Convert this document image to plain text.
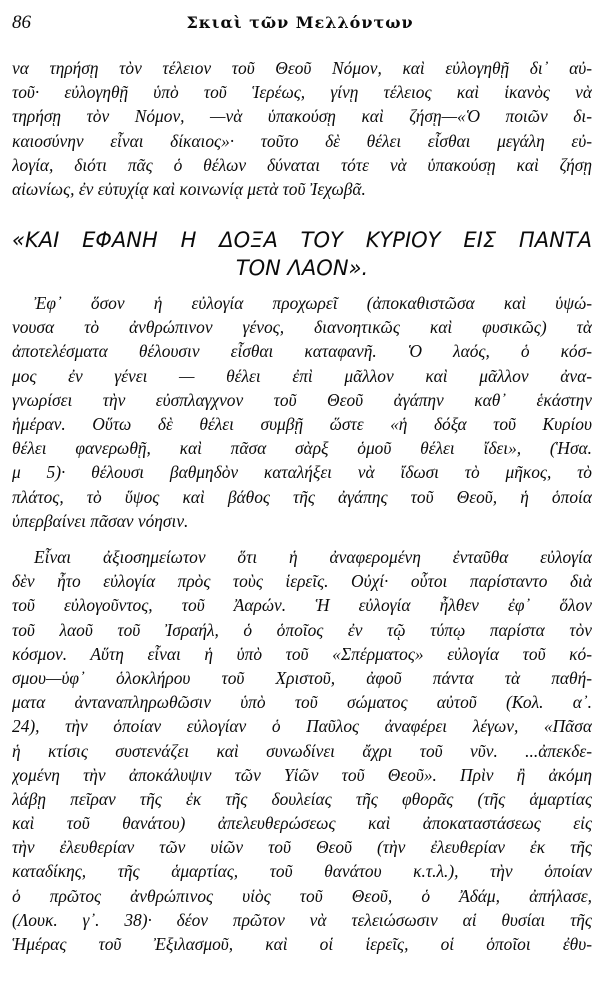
86	Σκιαὶ τῶν Μελλόντων
να τηρήσῃ τὸν τέλειον τοῦ Θεοῦ Νόμον, καὶ εὐλογηθῇ δι᾽ αὐ-
τοῦ· εὐλογηθῇ ὑπὸ τοῦ Ἱερέως, γίνῃ τέλειος καὶ ἱκανὸς νὰ
τηρήσῃ τὸν Νόμον, —νὰ ὑπακούσῃ καὶ ζήσῃ—«Ὁ ποιῶν δι-
καιοσύνην εἶναι δίκαιος»· τοῦτο δὲ θέλει εἶσθαι μεγάλη εὐ-
λογία, διότι πᾶς ὁ θέλων δύναται τότε νὰ ὑπακούσῃ καὶ ζήσῃ
αἰωνίως, ἐν εὐτυχίᾳ καὶ κοινωνίᾳ μετὰ τοῦ Ἰεχωβᾶ.
«ΚΑΙ ΕΦΑΝΗ Η ΔΟΞΑ ΤΟΥ ΚΥΡΙΟΥ ΕΙΣ ΠΑΝΤΑ
ΤΟΝ ΛΑΟΝ».
Ἐφ᾽ ὅσον ἡ εὐλογία προχωρεῖ (ἀποκαθιστῶσα καὶ ὑψώ-
νουσα τὸ ἀνθρώπινον γένος, διανοητικῶς καὶ φυσικῶς) τὰ
ἀποτελέσματα θέλουσιν εἶσθαι καταφανῆ. Ὁ λαός, ὁ κόσ-
μος ἐν γένει — θέλει ἐπὶ μᾶλλον καὶ μᾶλλον ἀνα-
γνωρίσει τὴν εὐσπλαγχνον τοῦ Θεοῦ ἀγάπην καθ᾽ ἑκάστην
ἡμέραν. Οὕτω δὲ θέλει συμβῇ ὥστε «ἡ δόξα τοῦ Κυρίου
θέλει φανερωθῇ, καὶ πᾶσα σὰρξ ὁμοῦ θέλει ἴδει», (Ἡσα.
μ 5)· θέλουσι βαθμηδὸν καταλήξει νὰ ἴδωσι τὸ μῆκος, τὸ
πλάτος, τὸ ὕψος καὶ βάθος τῆς ἀγάπης τοῦ Θεοῦ, ἡ ὁποία
ὑπερβαίνει πᾶσαν νόησιν.
Εἶναι ἀξιοσημείωτον ὅτι ἡ ἀναφερομένη ἐνταῦθα εὐλογία
δὲν ἦτο εὐλογία πρὸς τοὺς ἱερεῖς. Οὐχί· οὗτοι παρίσταντο διὰ
τοῦ εὐλογοῦντος, τοῦ Ἀαρών. Ἡ εὐλογία ἦλθεν ἐφ᾽ ὅλον
τοῦ λαοῦ τοῦ Ἰσραήλ, ὁ ὁποῖος ἐν τῷ τύπῳ παρίστα τὸν
κόσμον. Αὕτη εἶναι ἡ ὑπὸ τοῦ «Σπέρματος» εὐλογία τοῦ κό-
σμου—ὑφ᾽ ὁλοκλήρου τοῦ Χριστοῦ, ἀφοῦ πάντα τὰ παθή-
ματα ἀνταναπληρωθῶσιν ὑπὸ τοῦ σώματος αὐτοῦ (Κολ. α᾽.
24), τὴν ὁποίαν εὐλογίαν ὁ Παῦλος ἀναφέρει λέγων, «Πᾶσα
ἡ κτίσις συστενάζει καὶ συνωδίνει ἄχρι τοῦ νῦν. ...ἀπεκδε-
χομένη τὴν ἀποκάλυψιν τῶν Υἱῶν τοῦ Θεοῦ». Πρὶν ἢ ἀκόμη
λάβῃ πεῖραν τῆς ἐκ τῆς δουλείας τῆς φθορᾶς (τῆς ἁμαρτίας
καὶ τοῦ θανάτου) ἀπελευθερώσεως καὶ ἀποκαταστάσεως εἰς
τὴν ἐλευθερίαν τῶν υἱῶν τοῦ Θεοῦ (τὴν ἐλευθερίαν ἐκ τῆς
καταδίκης, τῆς ἁμαρτίας, τοῦ θανάτου κ.τ.λ.), τὴν ὁποίαν
ὁ πρῶτος ἀνθρώπινος υἱὸς τοῦ Θεοῦ, ὁ Ἀδάμ, ἀπήλασε,
(Λουκ. γ᾽. 38)· δέον πρῶτον νὰ τελειώσωσιν αἱ θυσίαι τῆς
Ἡμέρας τοῦ Ἐξιλασμοῦ, καὶ οἱ ἱερεῖς, οἱ ὁποῖοι ἐθυ-
